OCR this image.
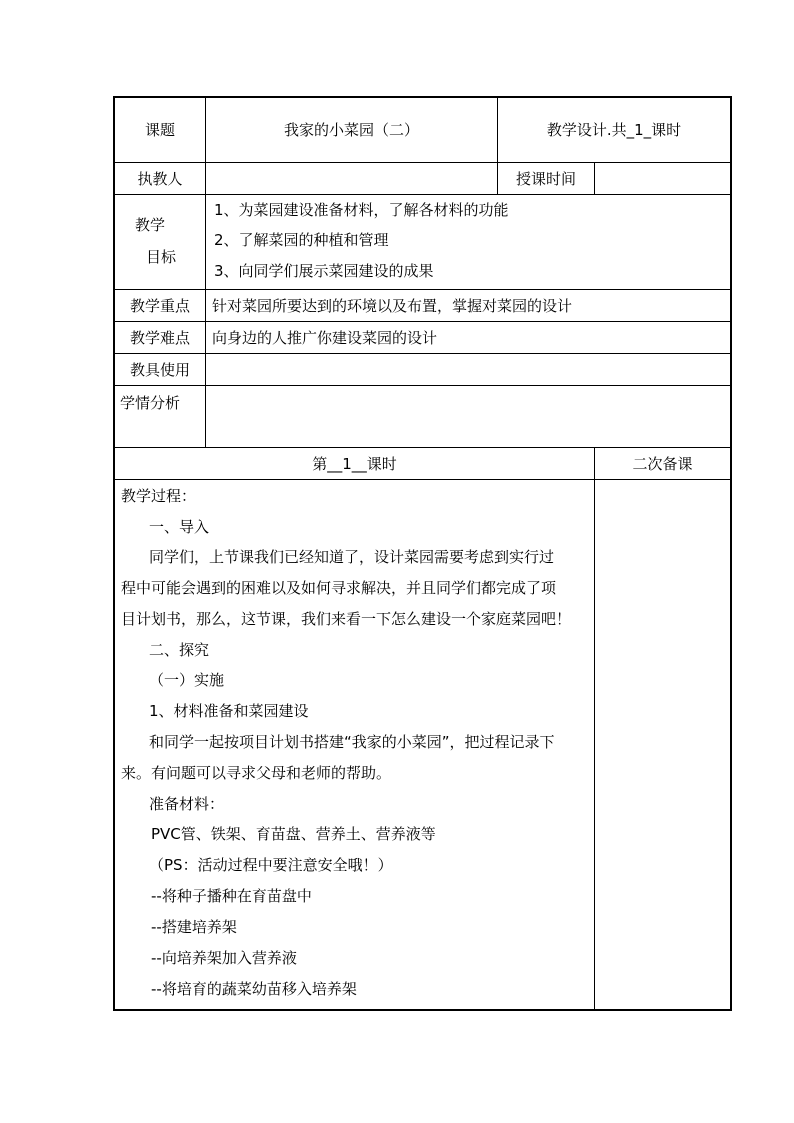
课题	我家的小菜园（二）	教学设计.共_1_课时
执教人	授课时间
教学
目标
1、为菜园建设准备材料，了解各材料的功能
2、了解菜园的种植和管理
3、向同学们展示菜园建设的成果
教学重点 针对菜园所要达到的环境以及布置，掌握对菜园的设计
教学难点 向身边的人推广你建设菜园的设计
教具使用
学情分析
第__1__课时	二次备课
教学过程：
一、导入
同学们，上节课我们已经知道了，设计菜园需要考虑到实行过
程中可能会遇到的困难以及如何寻求解决，并且同学们都完成了项
目计划书，那么，这节课，我们来看一下怎么建设一个家庭菜园吧！
二、探究
（一）实施
1、材料准备和菜园建设
和同学一起按项目计划书搭建“我家的小菜园”，把过程记录下
来。有问题可以寻求父母和老师的帮助。
准备材料：
PVC管、铁架、育苗盘、营养土、营养液等
（PS：活动过程中要注意安全哦！）
--将种子播种在育苗盘中
--搭建培养架
--向培养架加入营养液
--将培育的蔬菜幼苗移入培养架
